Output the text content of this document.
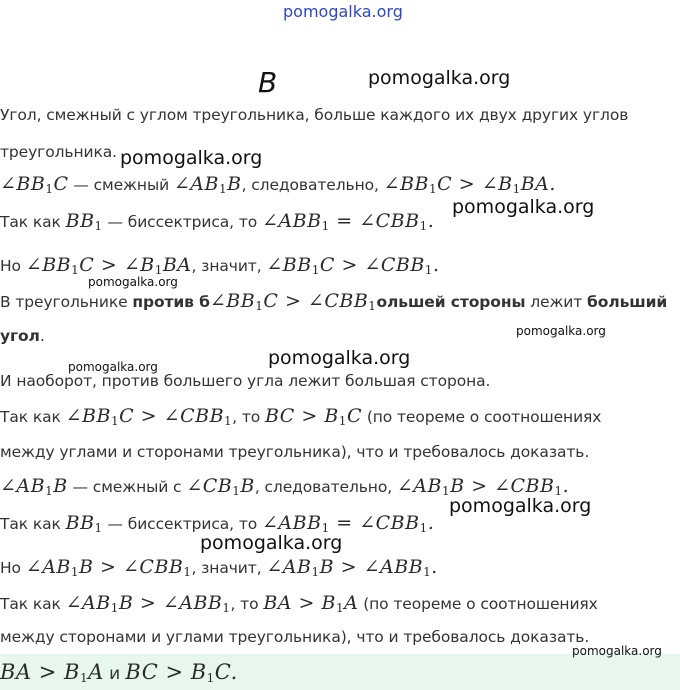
pomogalka.org
B
Угол, смежный с углом треугольника, больше каждого их двух других углов
треугольника.
$\angle BB_1C$ — смежный $\angle AB_1B$, следовательно, $\angle BB_1C$ > $\angle B_1BA$.
Так как $BB_1$ — биссектриса, то $\angle ABB_1$ = $\angle CBB_1$.
Но $\angle BB_1C$ > $\angle B_1BA$, значит, $\angle BB_1C$ > $\angle CBB_1$.
В треугольнике против $б\angle BB_1C$ > $\angle CBB_1ольшей$ стороны лежит больший
угол.
И наоборот, против большего угла лежит большая сторона.
Так как $\angle BB_1C$ > $\angle CBB_1$, то BC > $B_1C$ (по теореме о соотношениях
между углами и сторонами треугольника), что и требовалось доказать.
$\angle AB_1B$ — смежный с $\angle CB_1B$, следовательно, $\angle AB_1B$ > $\angle CBB_1$.
Так как $BB_1$ — биссектриса, то $\angle ABB_1$ = $\angle CBB_1$.
Но $\angle AB_1B$ > $\angle CBB_1$, значит, $\angle AB_1B$ > $\angle ABB_1$.
Так как $\angle AB_1B$ > $\angle ABB_1$, то BA > $B_1A$ (по теореме о соотношениях
между сторонами и углами треугольника), что и требовалось доказать.
BA > $B_1A$ и BC > $B_1C$.
pomogalka.org
pomogalka.org
pomogalka.org
pomogalka.org
pomogalka.org
pomogalka.org
pomogalka.org
pomogalka.org
pomogalka.org
pomogalka.org
